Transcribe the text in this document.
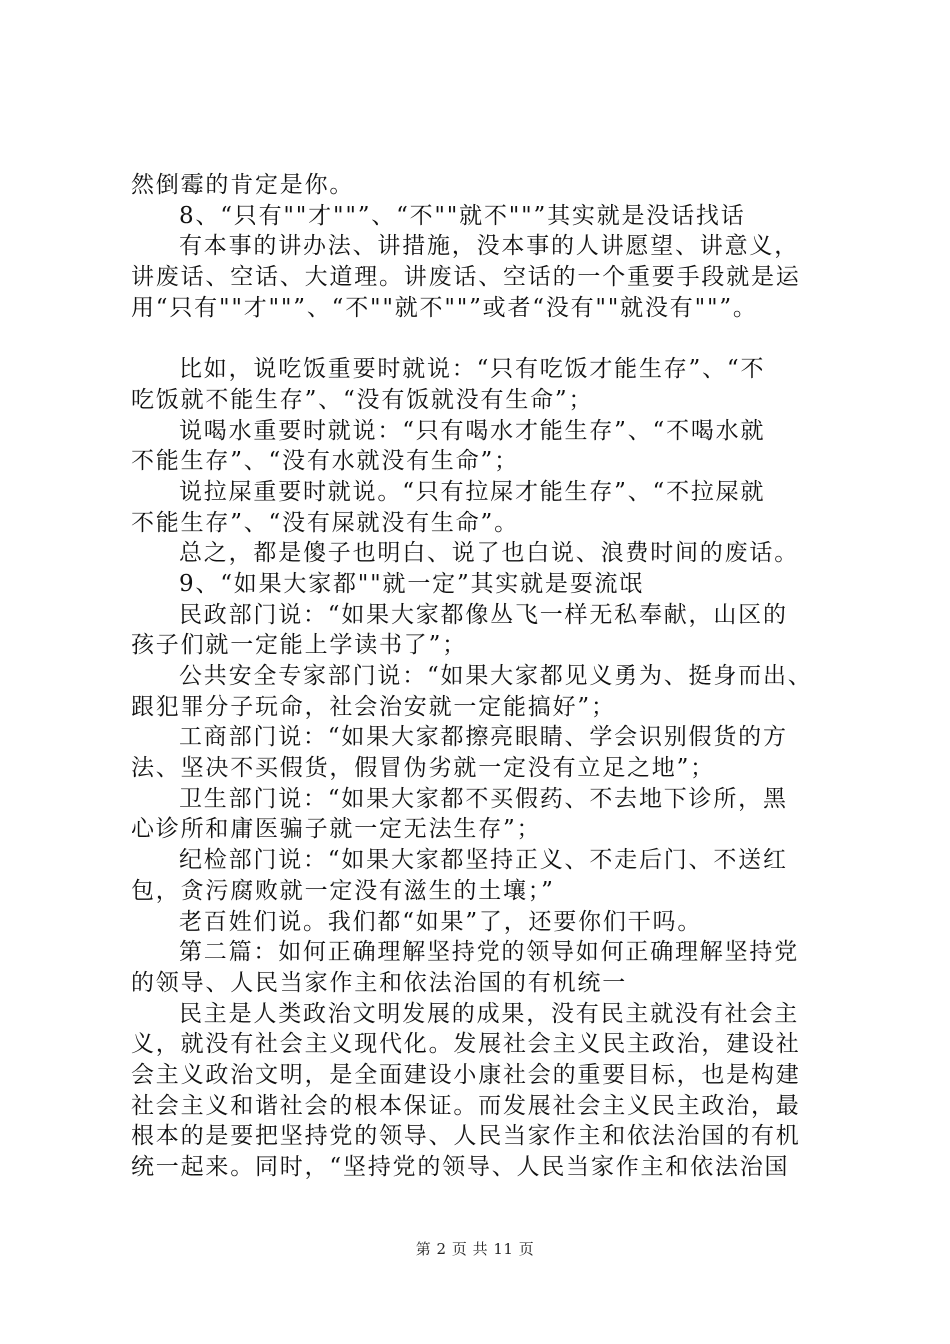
然倒霉的肯定是你。
8、“只有""才""”、“不""就不""”其实就是没话找话
有本事的讲办法、讲措施，没本事的人讲愿望、讲意义，
讲废话、空话、大道理。讲废话、空话的一个重要手段就是运
用“只有""才""”、“不""就不""”或者“没有""就没有""”。
比如，说吃饭重要时就说：“只有吃饭才能生存”、“不
吃饭就不能生存”、“没有饭就没有生命”；
说喝水重要时就说：“只有喝水才能生存”、“不喝水就
不能生存”、“没有水就没有生命”；
说拉屎重要时就说。“只有拉屎才能生存”、“不拉屎就
不能生存”、“没有屎就没有生命”。
总之，都是傻子也明白、说了也白说、浪费时间的废话。
9、“如果大家都""就一定”其实就是耍流氓
民政部门说：“如果大家都像丛飞一样无私奉献，山区的
孩子们就一定能上学读书了”；
公共安全专家部门说：“如果大家都见义勇为、挺身而出、
跟犯罪分子玩命，社会治安就一定能搞好”；
工商部门说：“如果大家都擦亮眼睛、学会识别假货的方
法、坚决不买假货，假冒伪劣就一定没有立足之地”；
卫生部门说：“如果大家都不买假药、不去地下诊所，黑
心诊所和庸医骗子就一定无法生存”；
纪检部门说：“如果大家都坚持正义、不走后门、不送红
包，贪污腐败就一定没有滋生的土壤；”
老百姓们说。我们都“如果”了，还要你们干吗。
第二篇：如何正确理解坚持党的领导如何正确理解坚持党
的领导、人民当家作主和依法治国的有机统一
民主是人类政治文明发展的成果，没有民主就没有社会主
义，就没有社会主义现代化。发展社会主义民主政治，建设社
会主义政治文明，是全面建设小康社会的重要目标，也是构建
社会主义和谐社会的根本保证。而发展社会主义民主政治，最
根本的是要把坚持党的领导、人民当家作主和依法治国的有机
统一起来。同时，“坚持党的领导、人民当家作主和依法治国
第 2 页 共 11 页
